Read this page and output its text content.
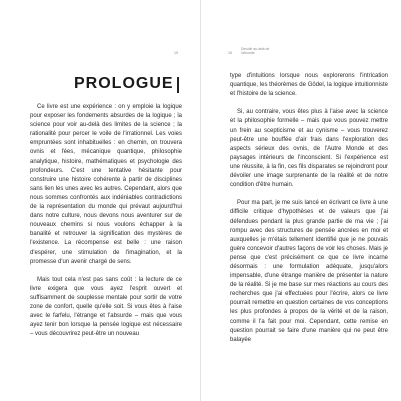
15
PROLOGUE

Ce livre est une expérience : on y emploie la logique pour exposer les fondements absurdes de la logique ; la science pour voir au-delà des limites de la science ; la rationalité pour percer le voile de l'irrationnel. Les voies empruntées sont inhabituelles : en chemin, on trouvera ovnis et fées, mécanique quantique, philosophie analytique, histoire, mathématiques et psychologie des profondeurs. C'est une tentative hésitante pour construire une histoire cohérente à partir de disciplines sans lien les unes avec les autres. Cependant, alors que nous sommes confrontés aux indéniables contradictions de la représentation du monde qui prévaut aujourd'hui dans notre culture, nous devons nous aventurer sur de nouveaux chemins si nous voulons échapper à la banalité et retrouver la signification des mystères de l'existence. La récompense est belle : une raison d'espérer, une stimulation de l'imagination, et la promesse d'un avenir chargé de sens.

Mais tout cela n'est pas sans coût : la lecture de ce livre exigera que vous ayez l'esprit ouvert et suffisamment de souplesse mentale pour sortir de votre zone de confort, quelle qu'elle soit. Si vous êtes à l'aise avec le farfelu, l'étrange et l'absurde – mais que vous ayez tenir bon lorsque la pensée logique est nécessaire – vous découvrirez peut-être un nouveau

16
Dévoilé au-delà de l'absurde

type d'intuitions lorsque nous explorerons l'intrication quantique, les théorèmes de Gödel, la logique intuitionniste et l'histoire de la science.

Si, au contraire, vous êtes plus à l'aise avec la science et la philosophie formelle – mais que vous pouvez mettre un frein au scepticisme et au cynisme – vous trouverez peut-être une bouffée d'air frais dans l'exploration des aspects sérieux des ovnis, de l'Autre Monde et des paysages intérieurs de l'inconscient. Si l'expérience est une réussite, à la fin, ces fils disparates se rejoindront pour dévoiler une image surprenante de la réalité et de notre condition d'être humain.

Pour ma part, je me suis lancé en écrivant ce livre à une difficile critique d'hypothèses et de valeurs que j'ai défendues pendant la plus grande partie de ma vie ; j'ai rompu avec des structures de pensée ancrées en moi et auxquelles je m'étais tellement identifié que je ne pouvais guère concevoir d'autres façons de voir les choses. Mais je pense que c'est précisément ce que ce livre incarne désormais : une formulation adéquate, jusqu'alors impensable, d'une étrange manière de présenter la nature de la réalité. Si je me base sur mes réactions au cours des recherches que j'ai effectuées pour l'écrire, alors ce livre pourrait remettre en question certaines de vos conceptions les plus profondes à propos de la vérité et de la raison, comme il l'a fait pour moi. Cependant, cette remise en question pourrait se faire d'une manière qui ne peut être balayée
